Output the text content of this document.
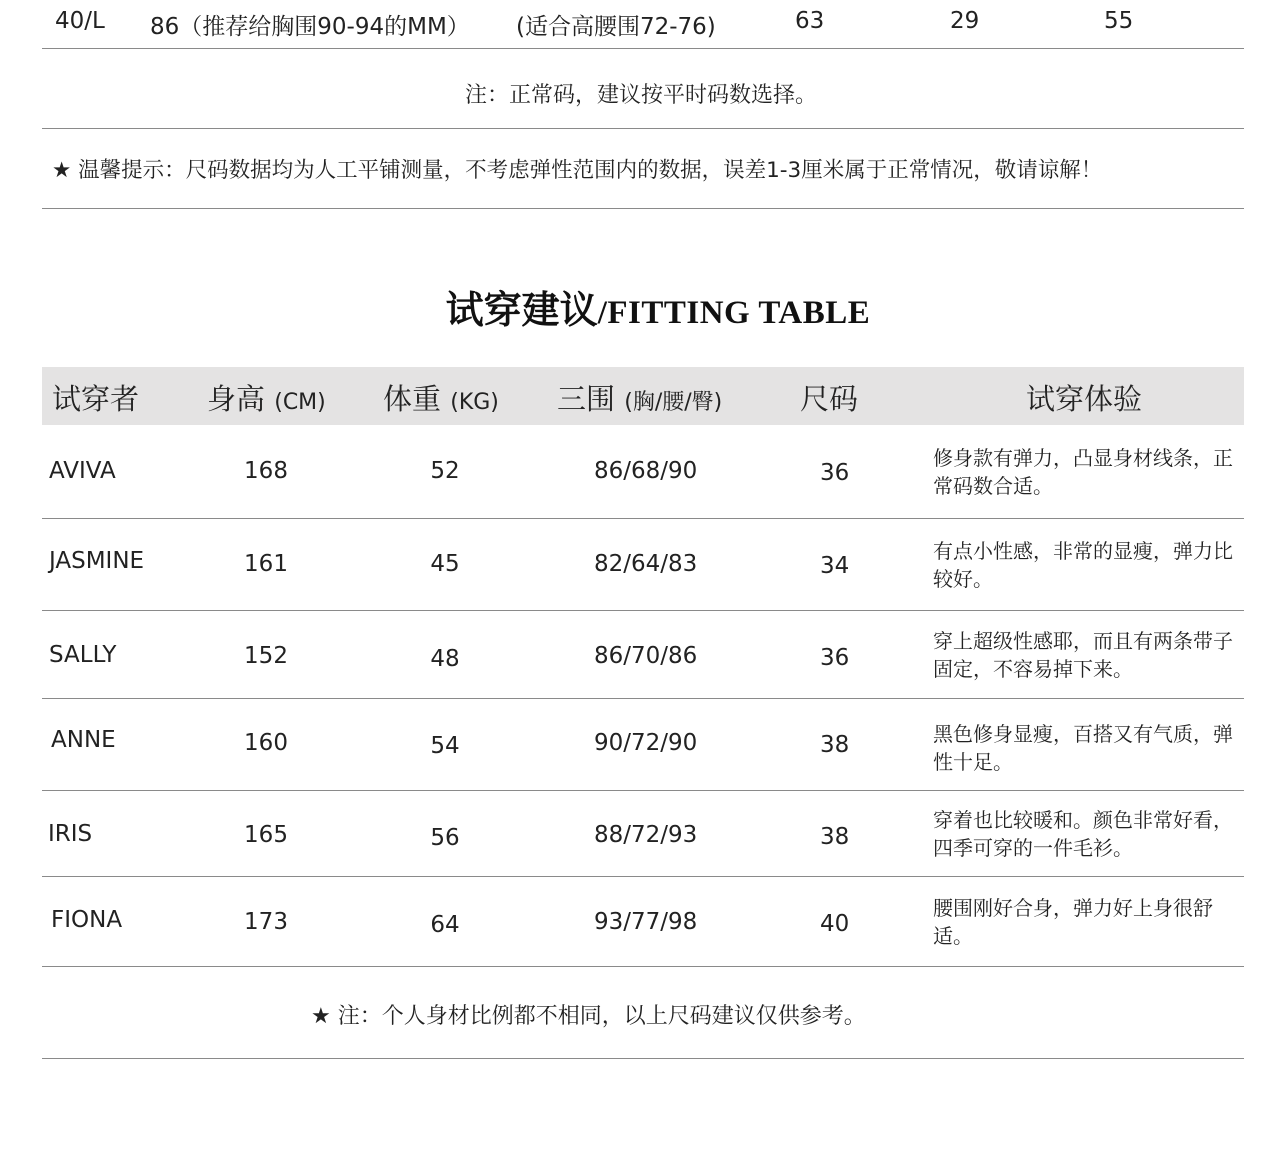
40/L 86（推荐给胸围90-94的MM） (适合高腰围72-76)	63	29	55
注：正常码，建议按平时码数选择。
★ 温馨提示：尺码数据均为人工平铺测量，不考虑弹性范围内的数据，误差1-3厘米属于正常情况，敬请谅解！
试穿建议/FITTING TABLE
试穿者 身高 (CM) 体重 (KG) 三围 (胸/腰/臀)	尺码	试穿体验
AVIVA	168	52	86/68/90	36
修身款有弹力，凸显身材线条，正常码数合适。
JASMINE	161	45	82/64/83	34
有点小性感，非常的显瘦，弹力比较好。
SALLY	152	48	86/70/86	36
穿上超级性感耶，而且有两条带子固定，不容易掉下来。
ANNE	160	54	90/72/90	38	黑色修身显瘦，百搭又有气质，弹性十足。
IRIS	165	56	88/72/93	38
穿着也比较暖和。颜色非常好看，四季可穿的一件毛衫。
FIONA	173	64	93/77/98	40
腰围刚好合身，弹力好上身很舒适。
★ 注：个人身材比例都不相同，以上尺码建议仅供参考。
